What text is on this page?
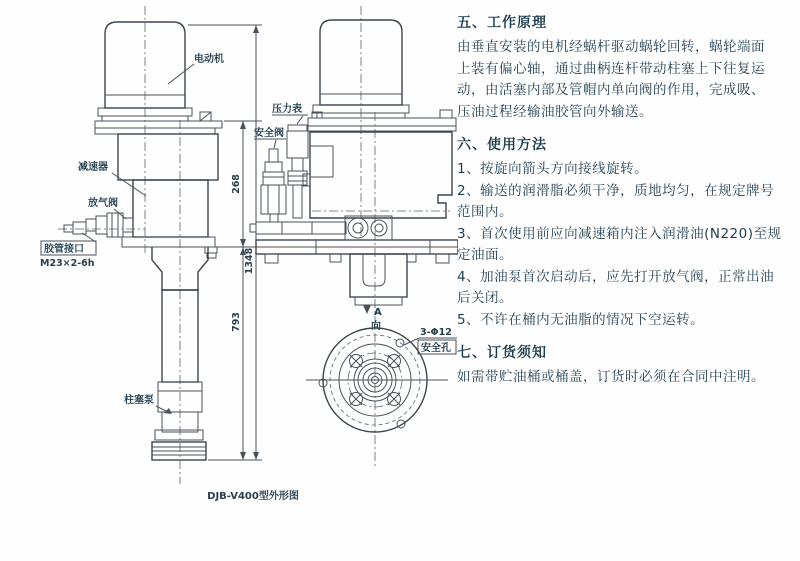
电动机
减速器
放气阀
胶管接口
M23×2-6h
柱塞泵
268
1348
793
压力表
安全阀
A
向
3-Φ12
安全孔
DJB-V400型外形图
五、工作原理
由垂直安装的电机经蜗杆驱动蜗轮回转，蜗轮端面
上装有偏心轴，通过曲柄连杆带动柱塞上下往复运
动，由活塞内部及管帽内单向阀的作用，完成吸、
压油过程经输油胶管向外输送。
六、使用方法
1、按旋向箭头方向接线旋转。
2、输送的润滑脂必须干净，质地均匀，在规定牌号
范围内。
3、首次使用前应向减速箱内注入润滑油(N220)至规
定油面。
4、加油泵首次启动后，应先打开放气阀，正常出油
后关闭。
5、不许在桶内无油脂的情况下空运转。
七、订货须知
如需带贮油桶或桶盖，订货时必须在合同中注明。
